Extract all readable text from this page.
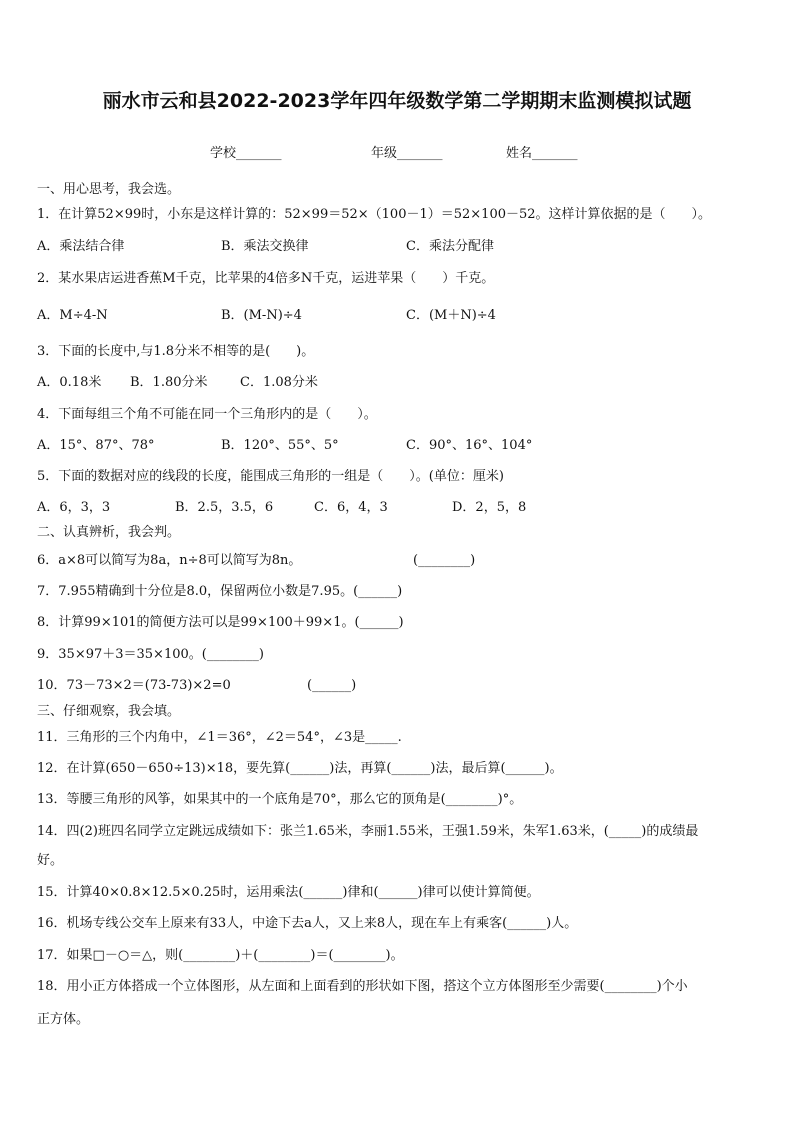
丽水市云和县2022-2023学年四年级数学第二学期期末监测模拟试题
学校_______	年级_______	姓名_______
一、用心思考，我会选。
1．在计算52×99时，小东是这样计算的：52×99＝52×（100－1）＝52×100－52。这样计算依据的是（　　）。
A．乘法结合律	B．乘法交换律	C．乘法分配律
2．某水果店运进香蕉M千克，比苹果的4倍多N千克，运进苹果（　　）千克。
A．M÷4-N	B．(M-N)÷4	C．(M＋N)÷4
3．下面的长度中,与1.8分米不相等的是(　　)。
A．0.18米 B．1.80分米	C．1.08分米
4．下面每组三个角不可能在同一个三角形内的是（　　）。
A．15°、87°、78°	B．120°、55°、5°	C．90°、16°、104°
5．下面的数据对应的线段的长度，能围成三角形的一组是（　　）。(单位：厘米)
A．6，3，3	B．2.5，3.5，6	C．6，4，3	D．2，5，8
二、认真辨析，我会判。
6．a×8可以简写为8a，n÷8可以简写为8n。	(________)
7．7.955精确到十分位是8.0，保留两位小数是7.95。(______)
8．计算99×101的简便方法可以是99×100＋99×1。(______)
9．35×97＋3＝35×100。(________)
10．73－73×2＝(73-73)×2=0	(______)
三、仔细观察，我会填。
11．三角形的三个内角中，∠1＝36°，∠2＝54°，∠3是_____.
12．在计算(650－650÷13)×18，要先算(______)法，再算(______)法，最后算(______)。
13．等腰三角形的风筝，如果其中的一个底角是70°，那么它的顶角是(________)°。
14．四(2)班四名同学立定跳远成绩如下：张兰1.65米，李丽1.55米，王强1.59米，朱军1.63米，(_____)的成绩最
好。
15．计算40×0.8×12.5×0.25时，运用乘法(______)律和(______)律可以使计算简便。
16．机场专线公交车上原来有33人，中途下去a人，又上来8人，现在车上有乘客(______)人。
17．如果□－○＝△，则(________)＋(________)＝(________)。
18．用小正方体搭成一个立体图形，从左面和上面看到的形状如下图，搭这个立方体图形至少需要(________)个小
正方体。
